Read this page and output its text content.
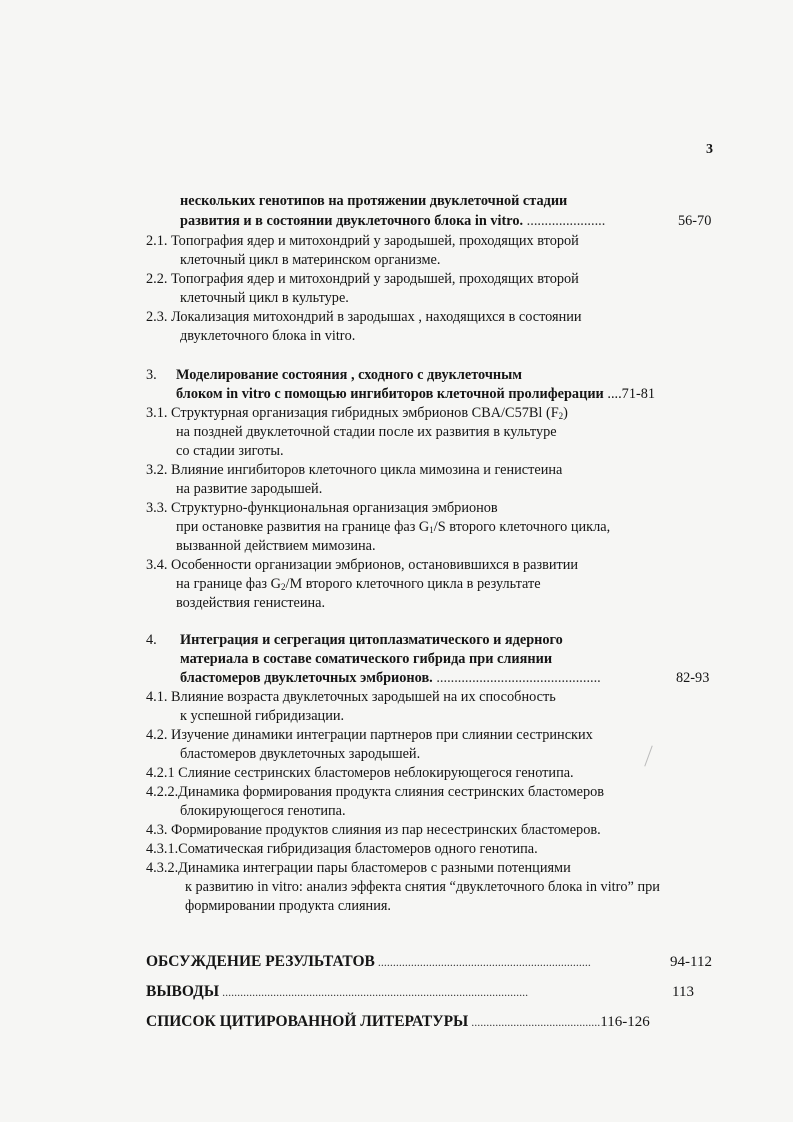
3
нескольких генотипов на протяжении двуклеточной стадии
развития и в состоянии двуклеточного блока in vitro. ......................	56-70
2.1. Топография ядер и митохондрий у зародышей, проходящих второй
клеточный цикл в материнском организме.
2.2. Топография ядер и митохондрий у зародышей, проходящих второй
клеточный цикл в культуре.
2.3. Локализация митохондрий в зародышах , находящихся в состоянии
двуклеточного блока in vitro.
3. Моделирование состояния , сходного с двуклеточным
блоком in vitro с помощью ингибиторов клеточной пролиферации ....71-81
3.1. Структурная организация гибридных эмбрионов CBA/C57Bl $(F_2)$
на поздней двуклеточной стадии после их развития в культуре
со стадии зиготы.
3.2. Влияние ингибиторов клеточного цикла мимозина и генистеина
на развитие зародышей.
3.3. Структурно-функциональная организация эмбрионов
при остановке развития на границе фаз $G_1/S$ второго клеточного цикла,
вызванной действием мимозина.
3.4. Особенности организации эмбрионов, остановившихся в развитии
на границе фаз $G_2/M$ второго клеточного цикла в результате
воздействия генистеина.
4. Интеграция и сегрегация цитоплазматического и ядерного
материала в составе соматического гибрида при слиянии
бластомеров двуклеточных эмбрионов. ..............................................	82-93
4.1. Влияние возраста двуклеточных зародышей на их способность
к успешной гибридизации.
4.2. Изучение динамики интеграции партнеров при слиянии сестринских
бластомеров двуклеточных зародышей.
4.2.1 Слияние сестринских бластомеров неблокирующегося генотипа.
4.2.2.Динамика формирования продукта слияния сестринских бластомеров
блокирующегося генотипа.
4.3. Формирование продуктов слияния из пар несестринских бластомеров.
4.3.1.Соматическая гибридизация бластомеров одного генотипа.
4.3.2.Динамика интеграции пары бластомеров с разными потенциями
к развитию in vitro: анализ эффекта снятия “двуклеточного блока in vitro” при
формировании продукта слияния.
ОБСУЖДЕНИЕ РЕЗУЛЬТАТОВ .......................................................................	94-112
ВЫВОДЫ ......................................................................................................	113
СПИСОК ЦИТИРОВАННОЙ ЛИТЕРАТУРЫ ...........................................116-126
